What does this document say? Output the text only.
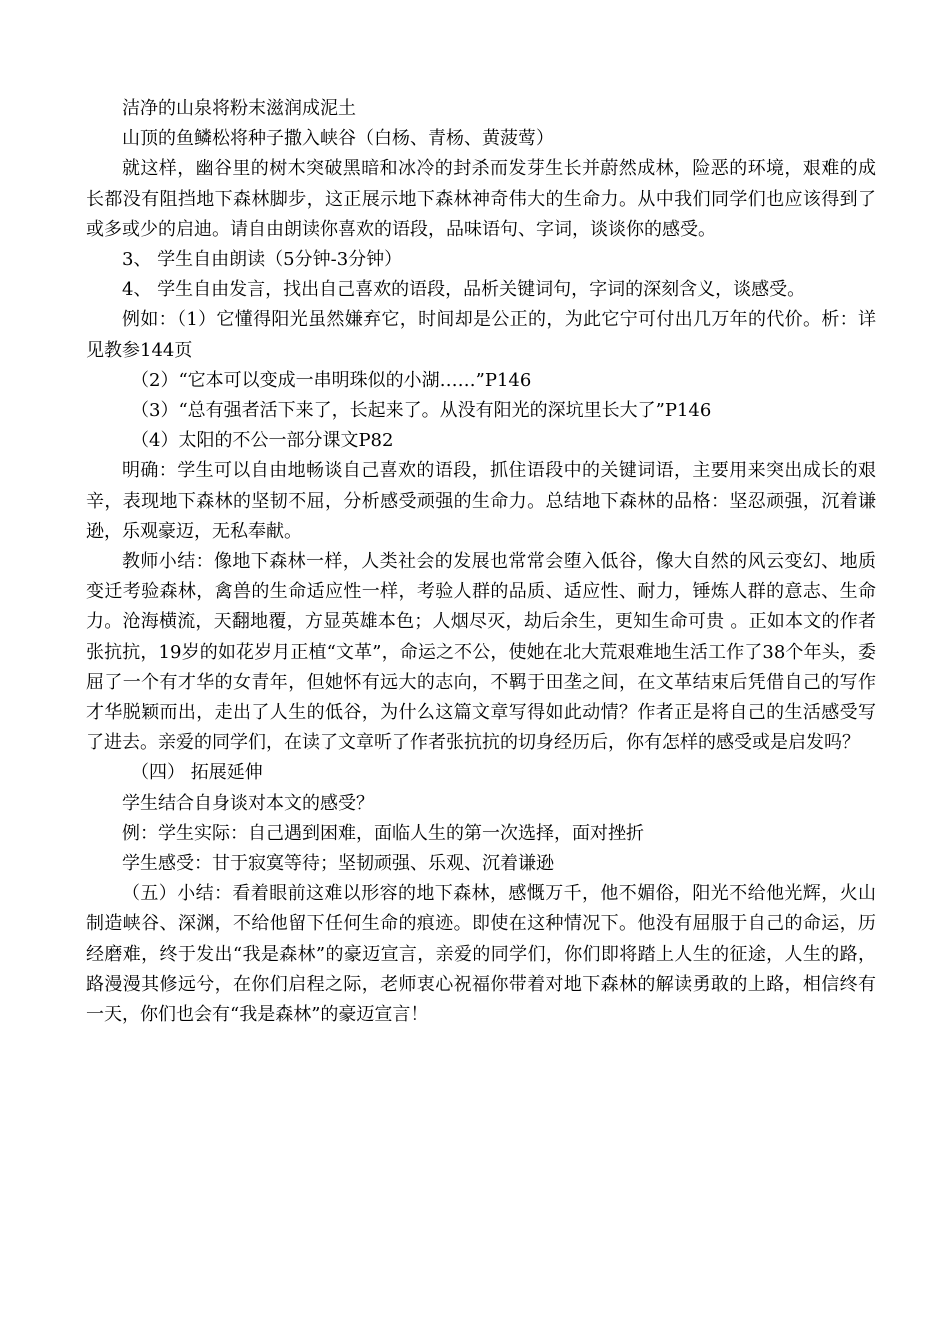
洁净的山泉将粉末滋润成泥土

山顶的鱼鳞松将种子撒入峡谷（白杨、青杨、黄菠莺）

就这样，幽谷里的树木突破黑暗和冰冷的封杀而发芽生长并蔚然成林，险恶的环境，艰难的成长都没有阻挡地下森林脚步，这正展示地下森林神奇伟大的生命力。从中我们同学们也应该得到了或多或少的启迪。请自由朗读你喜欢的语段，品味语句、字词，谈谈你的感受。

3、 学生自由朗读（5分钟-3分钟）

4、 学生自由发言，找出自己喜欢的语段，品析关键词句，字词的深刻含义，谈感受。

例如：（1）它懂得阳光虽然嫌弃它，时间却是公正的，为此它宁可付出几万年的代价。析：详见教参144页

（2）“它本可以变成一串明珠似的小湖……”P146

（3）“总有强者活下来了，长起来了。从没有阳光的深坑里长大了”P146

（4）太阳的不公一部分课文P82

明确：学生可以自由地畅谈自己喜欢的语段，抓住语段中的关键词语，主要用来突出成长的艰辛，表现地下森林的坚韧不屈，分析感受顽强的生命力。总结地下森林的品格：坚忍顽强，沉着谦逊，乐观豪迈，无私奉献。

教师小结：像地下森林一样，人类社会的发展也常常会堕入低谷，像大自然的风云变幻、地质变迁考验森林，禽兽的生命适应性一样，考验人群的品质、适应性、耐力，锤炼人群的意志、生命力。沧海横流，天翻地覆，方显英雄本色；人烟尽灭，劫后余生，更知生命可贵 。正如本文的作者张抗抗，19岁的如花岁月正植“文革”，命运之不公，使她在北大荒艰难地生活工作了38个年头，委屈了一个有才华的女青年，但她怀有远大的志向，不羁于田垄之间，在文革结束后凭借自己的写作才华脱颖而出，走出了人生的低谷，为什么这篇文章写得如此动情？作者正是将自己的生活感受写了进去。亲爱的同学们，在读了文章听了作者张抗抗的切身经历后，你有怎样的感受或是启发吗？

（四） 拓展延伸

学生结合自身谈对本文的感受？

例：学生实际：自己遇到困难，面临人生的第一次选择，面对挫折

学生感受：甘于寂寞等待；坚韧顽强、乐观、沉着谦逊

（五）小结：看着眼前这难以形容的地下森林，感慨万千，他不媚俗，阳光不给他光辉，火山制造峡谷、深渊，不给他留下任何生命的痕迹。即使在这种情况下。他没有屈服于自己的命运，历经磨难，终于发出“我是森林”的豪迈宣言，亲爱的同学们，你们即将踏上人生的征途，人生的路，路漫漫其修远兮，在你们启程之际，老师衷心祝福你带着对地下森林的解读勇敢的上路，相信终有一天，你们也会有“我是森林”的豪迈宣言！
